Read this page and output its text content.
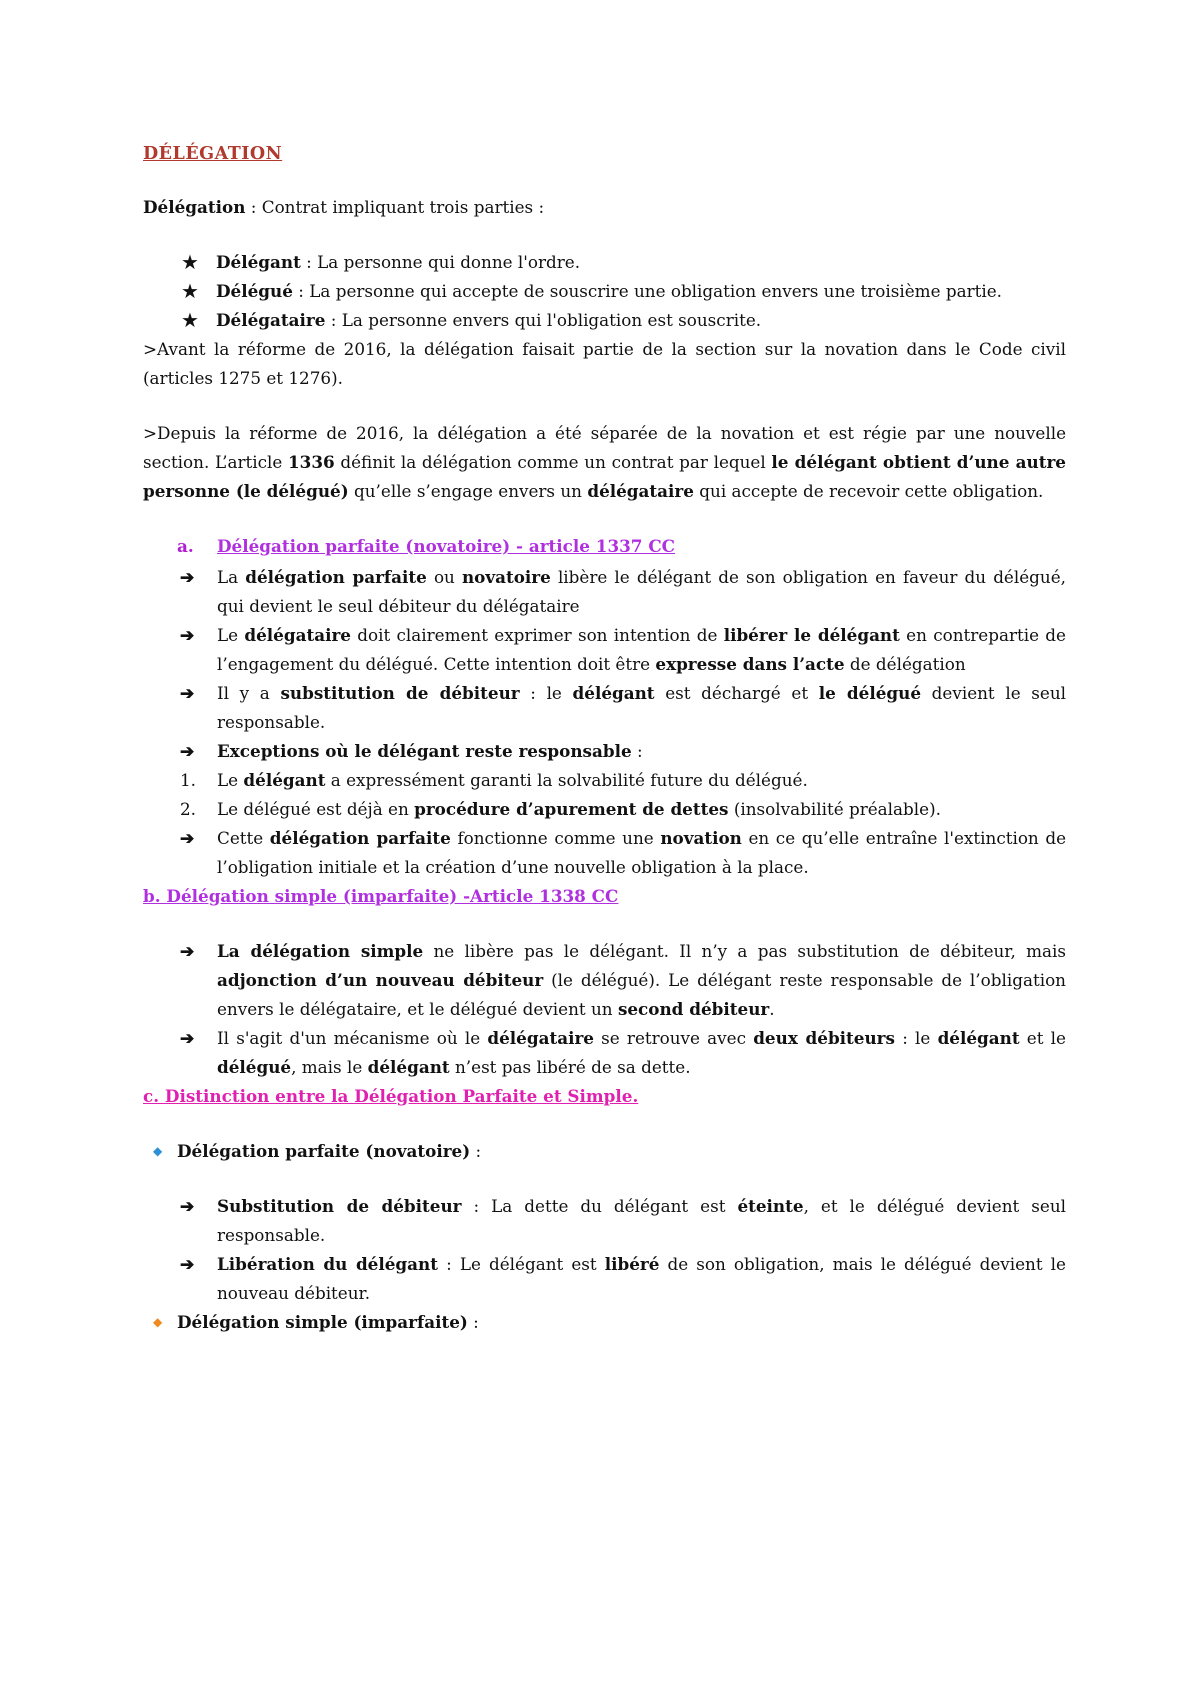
DÉLÉGATION

Délégation : Contrat impliquant trois parties :

★ Délégant : La personne qui donne l'ordre.
★ Délégué : La personne qui accepte de souscrire une obligation envers une troisième partie.
★ Délégataire : La personne envers qui l'obligation est souscrite.

>Avant la réforme de 2016, la délégation faisait partie de la section sur la novation dans le Code civil (articles 1275 et 1276).

>Depuis la réforme de 2016, la délégation a été séparée de la novation et est régie par une nouvelle section. L’article 1336 définit la délégation comme un contrat par lequel le délégant obtient d’une autre personne (le délégué) qu’elle s’engage envers un délégataire qui accepte de recevoir cette obligation.

a. Délégation parfaite (novatoire) - article 1337 CC
➔ La délégation parfaite ou novatoire libère le délégant de son obligation en faveur du délégué, qui devient le seul débiteur du délégataire
➔ Le délégataire doit clairement exprimer son intention de libérer le délégant en contrepartie de l’engagement du délégué. Cette intention doit être expresse dans l’acte de délégation
➔ Il y a substitution de débiteur : le délégant est déchargé et le délégué devient le seul responsable.
➔ Exceptions où le délégant reste responsable :
1. Le délégant a expressément garanti la solvabilité future du délégué.
2. Le délégué est déjà en procédure d’apurement de dettes (insolvabilité préalable).
➔ Cette délégation parfaite fonctionne comme une novation en ce qu’elle entraîne l'extinction de l’obligation initiale et la création d’une nouvelle obligation à la place.

b. Délégation simple (imparfaite) -Article 1338 CC

➔ La délégation simple ne libère pas le délégant. Il n’y a pas substitution de débiteur, mais adjonction d’un nouveau débiteur (le délégué). Le délégant reste responsable de l’obligation envers le délégataire, et le délégué devient un second débiteur.
➔ Il s'agit d'un mécanisme où le délégataire se retrouve avec deux débiteurs : le délégant et le délégué, mais le délégant n’est pas libéré de sa dette.

c. Distinction entre la Délégation Parfaite et Simple.

◆ Délégation parfaite (novatoire) :
➔ Substitution de débiteur : La dette du délégant est éteinte, et le délégué devient seul responsable.
➔ Libération du délégant : Le délégant est libéré de son obligation, mais le délégué devient le nouveau débiteur.
◆ Délégation simple (imparfaite) :
